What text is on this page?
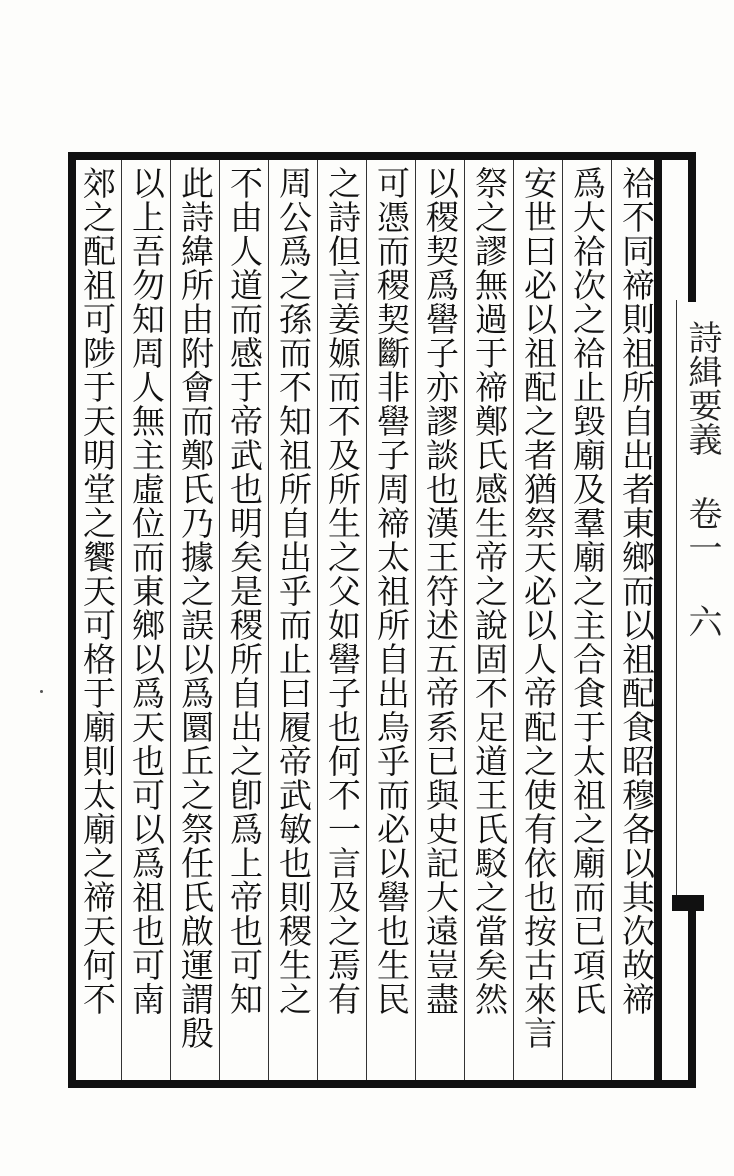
詩緝要義 卷一 六
祫不同禘則祖所自出者東鄉而以祖配食昭穆各以其次故禘
爲大祫次之祫止毀廟及羣廟之主合食于太祖之廟而已項氏
安世曰必以祖配之者猶祭天必以人帝配之使有依也按古來言
祭之謬無過于禘鄭氏感生帝之說固不足道王氏駁之當矣然
以稷契爲嚳子亦謬談也漢王符述五帝系已與史記大遠豈盡
可憑而稷契斷非嚳子周禘太祖所自出烏乎而必以嚳也生民
之詩但言姜嫄而不及所生之父如嚳子也何不一言及之焉有
周公爲之孫而不知祖所自出乎而止曰履帝武敏也則稷生之
不由人道而感于帝武也明矣是稷所自出之卽爲上帝也可知
此詩緯所由附會而鄭氏乃據之誤以爲圜丘之祭任氏啟運謂殷
以上吾勿知周人無主虛位而東鄉以爲天也可以爲祖也可南
郊之配祖可陟于天明堂之饗天可格于廟則太廟之禘天何不
